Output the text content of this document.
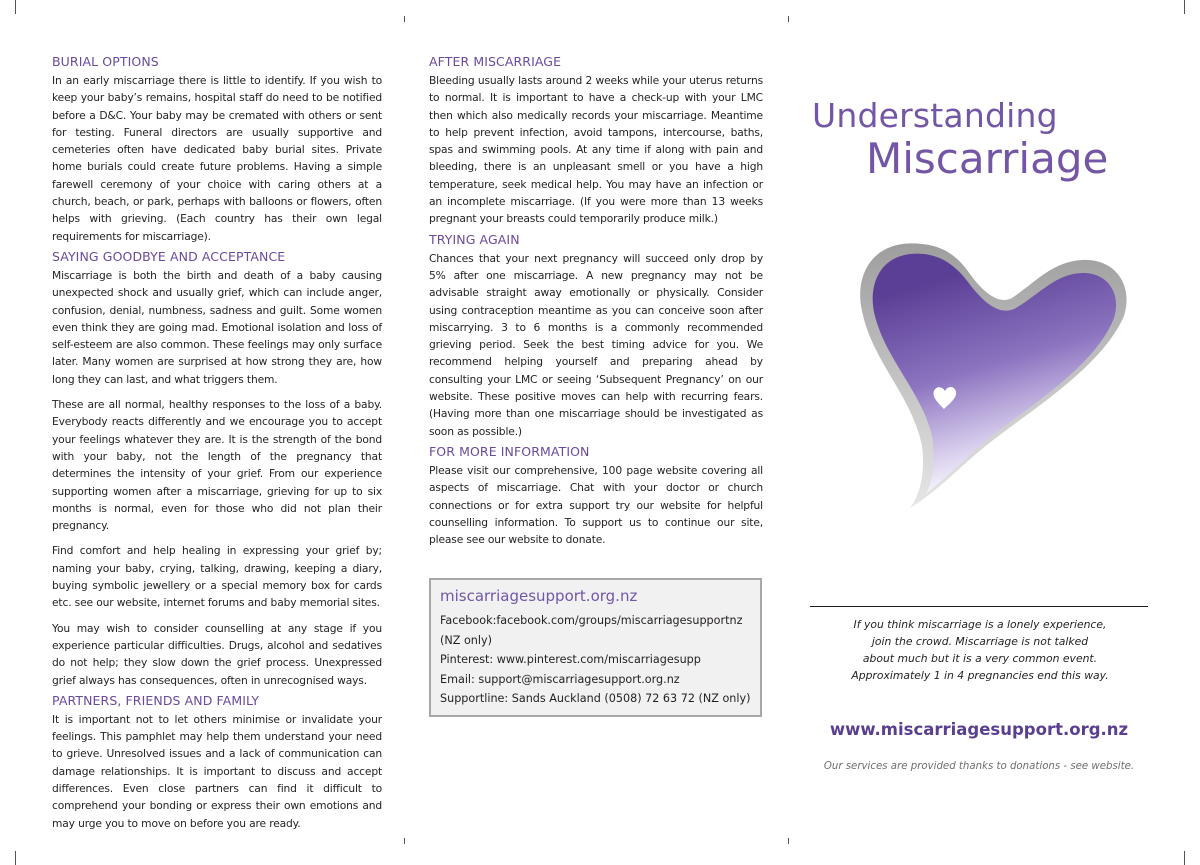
BURIAL OPTIONS

In an early miscarriage there is little to identify. If you wish to keep your baby’s remains, hospital staff do need to be notified before a D&C. Your baby may be cremated with others or sent for testing. Funeral directors are usually supportive and cemeteries often have dedicated baby burial sites. Private home burials could create future problems. Having a simple farewell ceremony of your choice with caring others at a church, beach, or park, perhaps with balloons or flowers, often helps with grieving. (Each country has their own legal requirements for miscarriage).

SAYING GOODBYE AND ACCEPTANCE

Miscarriage is both the birth and death of a baby causing unexpected shock and usually grief, which can include anger, confusion, denial, numbness, sadness and guilt. Some women even think they are going mad. Emotional isolation and loss of self-esteem are also common. These feelings may only surface later. Many women are surprised at how strong they are, how long they can last, and what triggers them.

These are all normal, healthy responses to the loss of a baby. Everybody reacts differently and we encourage you to accept your feelings whatever they are. It is the strength of the bond with your baby, not the length of the pregnancy that determines the intensity of your grief. From our experience supporting women after a miscarriage, grieving for up to six months is normal, even for those who did not plan their pregnancy.

Find comfort and help healing in expressing your grief by; naming your baby, crying, talking, drawing, keeping a diary, buying symbolic jewellery or a special memory box for cards etc. see our website, internet forums and baby memorial sites.

You may wish to consider counselling at any stage if you experience particular difficulties. Drugs, alcohol and sedatives do not help; they slow down the grief process. Unexpressed grief always has consequences, often in unrecognised ways.

PARTNERS, FRIENDS AND FAMILY

It is important not to let others minimise or invalidate your feelings. This pamphlet may help them understand your need to grieve. Unresolved issues and a lack of communication can damage relationships. It is important to discuss and accept differences. Even close partners can find it difficult to comprehend your bonding or express their own emotions and may urge you to move on before you are ready.

AFTER MISCARRIAGE

Bleeding usually lasts around 2 weeks while your uterus returns to normal. It is important to have a check-up with your LMC then which also medically records your miscarriage. Meantime to help prevent infection, avoid tampons, intercourse, baths, spas and swimming pools. At any time if along with pain and bleeding, there is an unpleasant smell or you have a high temperature, seek medical help. You may have an infection or an incomplete miscarriage. (If you were more than 13 weeks pregnant your breasts could temporarily produce milk.)

TRYING AGAIN

Chances that your next pregnancy will succeed only drop by 5% after one miscarriage. A new pregnancy may not be advisable straight away emotionally or physically. Consider using contraception meantime as you can conceive soon after miscarrying. 3 to 6 months is a commonly recommended grieving period. Seek the best timing advice for you. We recommend helping yourself and preparing ahead by consulting your LMC or seeing ‘Subsequent Pregnancy’ on our website. These positive moves can help with recurring fears. (Having more than one miscarriage should be investigated as soon as possible.)

FOR MORE INFORMATION

Please visit our comprehensive, 100 page website covering all aspects of miscarriage. Chat with your doctor or church connections or for extra support try our website for helpful counselling information. To support us to continue our site, please see our website to donate.

miscarriagesupport.org.nz
Facebook:facebook.com/groups/miscarriagesupportnz
(NZ only)
Pinterest: www.pinterest.com/miscarriagesupp
Email: support@miscarriagesupport.org.nz
Supportline: Sands Auckland (0508) 72 63 72 (NZ only)
Understanding
Miscarriage
If you think miscarriage is a lonely experience,
join the crowd. Miscarriage is not talked
about much but it is a very common event.
Approximately 1 in 4 pregnancies end this way.
www.miscarriagesupport.org.nz
Our services are provided thanks to donations - see website.
